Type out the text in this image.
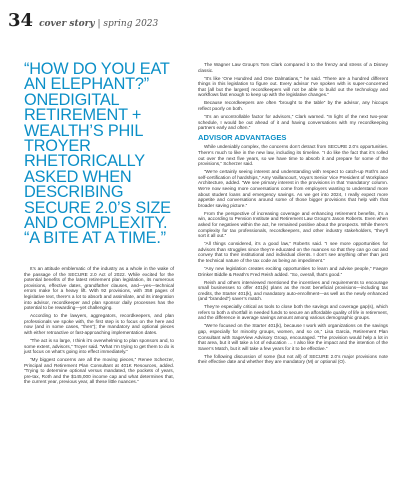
34 cover story | spring 2023
“HOW DO YOU EAT AN ELEPHANT?” ONEDIGITAL RETIREMENT + WEALTH’S PHIL TROYER RHETORICALLY ASKED WHEN DESCRIBING SECURE 2.0’S SIZE AND COMPLEXITY. “A BITE AT A TIME.”

It’s an attitude emblematic of the industry as a whole in the wake of the passage of the SECURE 2.0 Act of 2022. While excited for the potential benefits of the latest retirement plan legislation, its numerous provisions, effective dates, grandfather clauses, and—yes—technical errors make for a heavy lift. With 92 provisions, with 358 pages of legislative text, there’s a lot to absorb and assimilate, and its integration into advisor, recordkeeper and plan sponsor daily processes has the potential to be rewarding—yet challenging.

According to the lawyers, aggregators, recordkeepers, and plan professionals we spoke with, the first step is to focus on the here and now (and in some cases, “then”); the mandatory and optional pieces with either retroactive or fast-approaching implementation dates.

“The act is so large, I think it’s overwhelming to plan sponsors and, to some extent, advisors,” Troyer said. “What I’m trying to get them to do is just focus on what’s going into effect immediately.”

“My biggest concerns are all the moving pieces,” Renee Scherzer, Principal and Retirement Plan Consultant at 401K Resources, added. “Trying to determine optional versus mandated, the pockets of years, pre-tax, Roth and the $145,000 income cap and what determines that, the current year, previous year, all these little nuances.”

The Wagner Law Group’s Tom Clark compared it to the frenzy and stress of a Disney classic.

“It’s like ‘One Hundred and One Dalmatians,’” he said. “There are a hundred different things in this legislation to figure out. Every advisor I’ve spoken with is super-concerned that [all but the largest] recordkeepers will not be able to build out the technology and workflows fast enough to keep up with the legislative changes.”

Because recordkeepers are often “brought to the table” by the advisor, any hiccups reflect poorly on both.

“It’s an uncontrollable factor for advisors,” Clark warned. “In light of the next two-year schedule, I would be out ahead of it and having conversations with my recordkeeping partners early and often.”

ADVISOR ADVANTAGES

While undeniably complex, the concerns don’t detract from SECURE 2.0’s opportunities. There’s much to like in the new law, including its timeline. “I do like the fact that it’s rolled out over the next five years, so we have time to absorb it and prepare for some of the provisions,” Scherzer said.

“We’re certainly seeing interest and understanding with respect to catch-up Roth’s and self-certification of hardships,” Amy Vaillancourt, Voya’s Senior Vice President of Workplace Architecture, added. “We see primary interest in the provisions in that ‘mandatory’ column. We’re now seeing more conversations come from employers wanting to understand more about student loans and emergency savings. As we get into 2024, I really expect more appetite and conversations around some of those bigger provisions that help with that broader saving picture.”

From the perspective of increasing coverage and enhancing retirement benefits, it’s a win, according to Pension Institute and Retirement Law Group’s Jason Roberts. Even when asked for negatives within the act, he remained positive about the prospects. While there’s complexity for tax professionals, recordkeepers, and other industry stakeholders, “they’ll sort it all out.”

“All things considered, it’s a good law,” Roberts said. “I see more opportunities for advisors than struggles since they’re educated on the nuances so that they can go out and convey that to their institutional and individual clients. I don’t see anything other than just the technical nature of the tax code as being an impediment.”

“Any new legislation creates exciting opportunities to learn and advise people,” Faegre Drinker Biddle & Reath’s Fred Reish added. “So, overall, that’s good.”

Reish and others interviewed mentioned the incentives and requirements to encourage small businesses to offer 401(k) plans as the most beneficial provisions—including tax credits, the Starter 401(k), and mandatory auto-enrollment—as well as the newly enhanced (and “branded”) saver’s match.

They’re especially critical as tools to close both the savings and coverage gap(s), which refers to both a shortfall in needed funds to secure an affordable quality of life in retirement, and the difference in average savings amount among various demographic groups.

“We’re focused on the Starter 401(k), because I work with organizations on the savings gap, especially for minority groups, women, and so on,” Lisa Garcia, Retirement Plan Consultant with SageView Advisory Group, encouraged. “The provision would help a lot in that area, but it will take a lot of education … I also like the impact and the intention of the Saver’s Match, but it will take a few years for it to be effective.”

The following discussion of some (but not all) of SECURE 2.0’s major provisions note their effective date and whether they are mandatory (M) or optional (O).
